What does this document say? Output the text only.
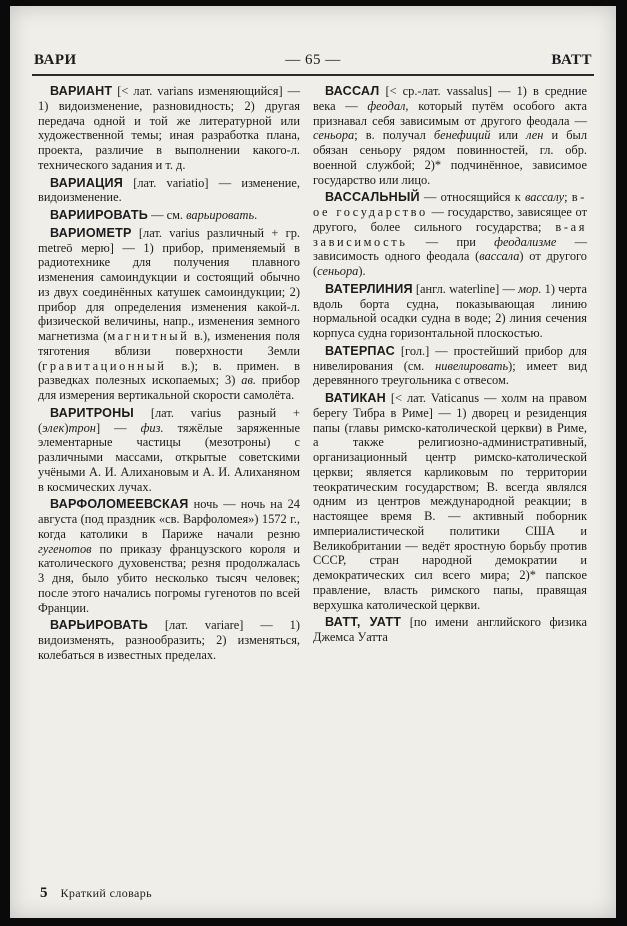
ВАРИ	— 65 —	ВАТТ

ВАРИАНТ [< лат. varians изменяющийся] — 1) видоизменение, разновидность; 2) другая передача одной и той же литературной или художественной темы; иная разработка плана, проекта, различие в выполнении какого-л. технического задания и т. д.

ВАРИАЦИЯ [лат. variatio] — изменение, видоизменение.

ВАРИИРОВАТЬ — см. варьировать.

ВАРИОМЕТР [лат. varius различный + гр. metreō мерю] — 1) прибор, применяемый в радиотехнике для получения плавного изменения самоиндукции и состоящий обычно из двух соединённых катушек самоиндукции; 2) прибор для определения изменения какой-л. физической величины, напр., изменения земного магнетизма (магнитный в.), изменения поля тяготения вблизи поверхности Земли (гравитационный в.); в. примен. в разведках полезных ископаемых; 3) ав. прибор для измерения вертикальной скорости самолёта.

ВАРИТРОНЫ [лат. varius разный + (элек)трон] — физ. тяжёлые заряженные элементарные частицы (мезотроны) с различными массами, открытые советскими учёными А. И. Алихановым и А. И. Алиханяном в космических лучах.

ВАРФОЛОМЕЕВСКАЯ ночь — ночь на 24 августа (под праздник «св. Варфоломея») 1572 г., когда католики в Париже начали резню гугенотов по приказу французского короля и католического духовенства; резня продолжалась 3 дня, было убито несколько тысяч человек; после этого начались погромы гугенотов по всей Франции.

ВАРЬИРОВАТЬ [лат. variare] — 1) видоизменять, разнообразить; 2) изменяться, колебаться в известных пределах.

ВАССАЛ [< ср.-лат. vassalus] — 1) в средние века — феодал, который путём особого акта признавал себя зависимым от другого феодала — сеньора; в. получал бенефиций или лен и был обязан сеньору рядом повинностей, гл. обр. военной службой; 2)* подчинённое, зависимое государство или лицо.

ВАССАЛЬНЫЙ — относящийся к вассалу; в-ое государство — государство, зависящее от другого, более сильного государства; в-ая зависимость — при феодализме — зависимость одного феодала (вассала) от другого (сеньора).

ВАТЕРЛИНИЯ [англ. waterline] — мор. 1) черта вдоль борта судна, показывающая линию нормальной осадки судна в воде; 2) линия сечения корпуса судна горизонтальной плоскостью.

ВАТЕРПАС [гол.] — простейший прибор для нивелирования (см. нивелировать); имеет вид деревянного треугольника с отвесом.

ВАТИКАН [< лат. Vaticanus — холм на правом берегу Тибра в Риме] — 1) дворец и резиденция папы (главы римско-католической церкви) в Риме, а также религиозно-административный, организационный центр римско-католической церкви; является карликовым по территории теократическим государством; В. всегда являлся одним из центров международной реакции; в настоящее время В. — активный поборник империалистической политики США и Великобритании — ведёт яростную борьбу против СССР, стран народной демократии и демократических сил всего мира; 2)* папское правление, власть римского папы, правящая верхушка католической церкви.

ВАТТ, УАТТ [по имени английского физика Джемса Уатта

5 Краткий словарь
